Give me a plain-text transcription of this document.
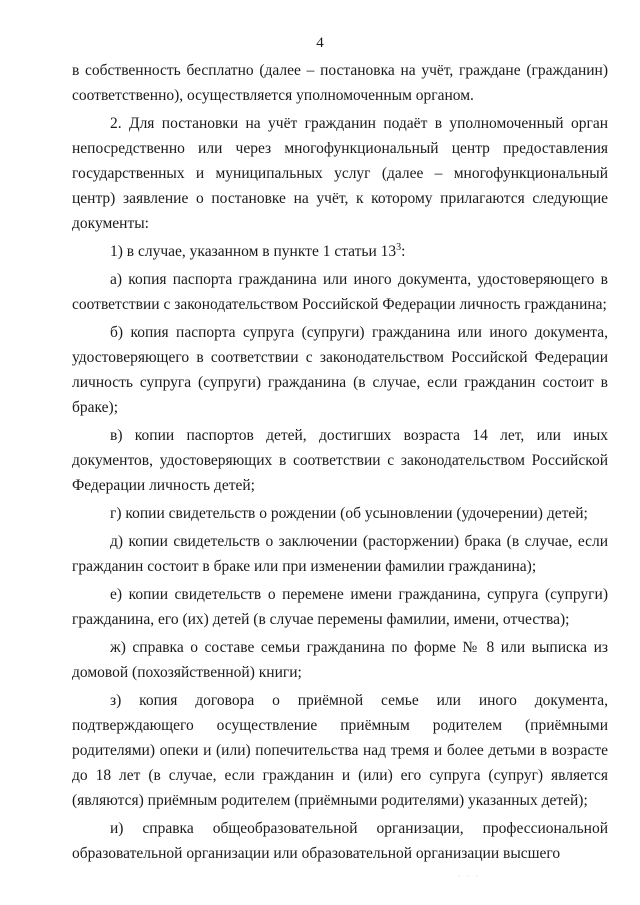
4

в собственность бесплатно (далее – постановка на учёт, граждане (гражданин) соответственно), осуществляется уполномоченным органом.

2. Для постановки на учёт гражданин подаёт в уполномоченный орган непосредственно или через многофункциональный центр предоставления государственных и муниципальных услуг (далее – многофункциональный центр) заявление о постановке на учёт, к которому прилагаются следующие документы:

1) в случае, указанном в пункте 1 статьи $13^3$:

а) копия паспорта гражданина или иного документа, удостоверяющего в соответствии с законодательством Российской Федерации личность гражданина;

б) копия паспорта супруга (супруги) гражданина или иного документа, удостоверяющего в соответствии с законодательством Российской Федерации личность супруга (супруги) гражданина (в случае, если гражданин состоит в браке);

в) копии паспортов детей, достигших возраста 14 лет, или иных документов, удостоверяющих в соответствии с законодательством Российской Федерации личность детей;

г) копии свидетельств о рождении (об усыновлении (удочерении) детей;

д) копии свидетельств о заключении (расторжении) брака (в случае, если гражданин состоит в браке или при изменении фамилии гражданина);

е) копии свидетельств о перемене имени гражданина, супруга (супруги) гражданина, его (их) детей (в случае перемены фамилии, имени, отчества);

ж) справка о составе семьи гражданина по форме № 8 или выписка из домовой (похозяйственной) книги;

з) копия договора о приёмной семье или иного документа, подтверждающего осуществление приёмным родителем (приёмными родителями) опеки и (или) попечительства над тремя и более детьми в возрасте до 18 лет (в случае, если гражданин и (или) его супруга (супруг) является (являются) приёмным родителем (приёмными родителями) указанных детей);

и) справка общеобразовательной организации, профессиональной образовательной организации или образовательной организации высшего

· · ·
